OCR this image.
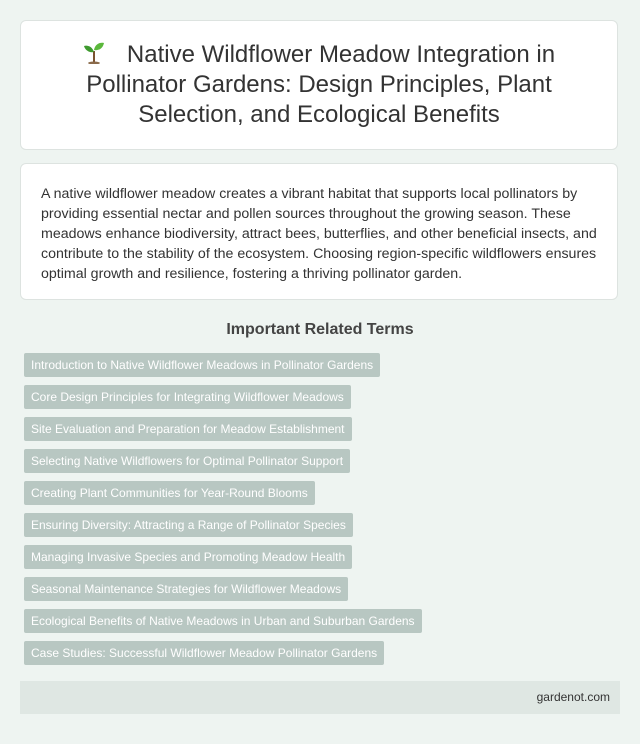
Native Wildflower Meadow Integration in Pollinator Gardens: Design Principles, Plant Selection, and Ecological Benefits

A native wildflower meadow creates a vibrant habitat that supports local pollinators by providing essential nectar and pollen sources throughout the growing season. These meadows enhance biodiversity, attract bees, butterflies, and other beneficial insects, and contribute to the stability of the ecosystem. Choosing region-specific wildflowers ensures optimal growth and resilience, fostering a thriving pollinator garden.

Important Related Terms
Introduction to Native Wildflower Meadows in Pollinator Gardens
Core Design Principles for Integrating Wildflower Meadows
Site Evaluation and Preparation for Meadow Establishment
Selecting Native Wildflowers for Optimal Pollinator Support
Creating Plant Communities for Year-Round Blooms
Ensuring Diversity: Attracting a Range of Pollinator Species
Managing Invasive Species and Promoting Meadow Health
Seasonal Maintenance Strategies for Wildflower Meadows
Ecological Benefits of Native Meadows in Urban and Suburban Gardens
Case Studies: Successful Wildflower Meadow Pollinator Gardens
gardenot.com
